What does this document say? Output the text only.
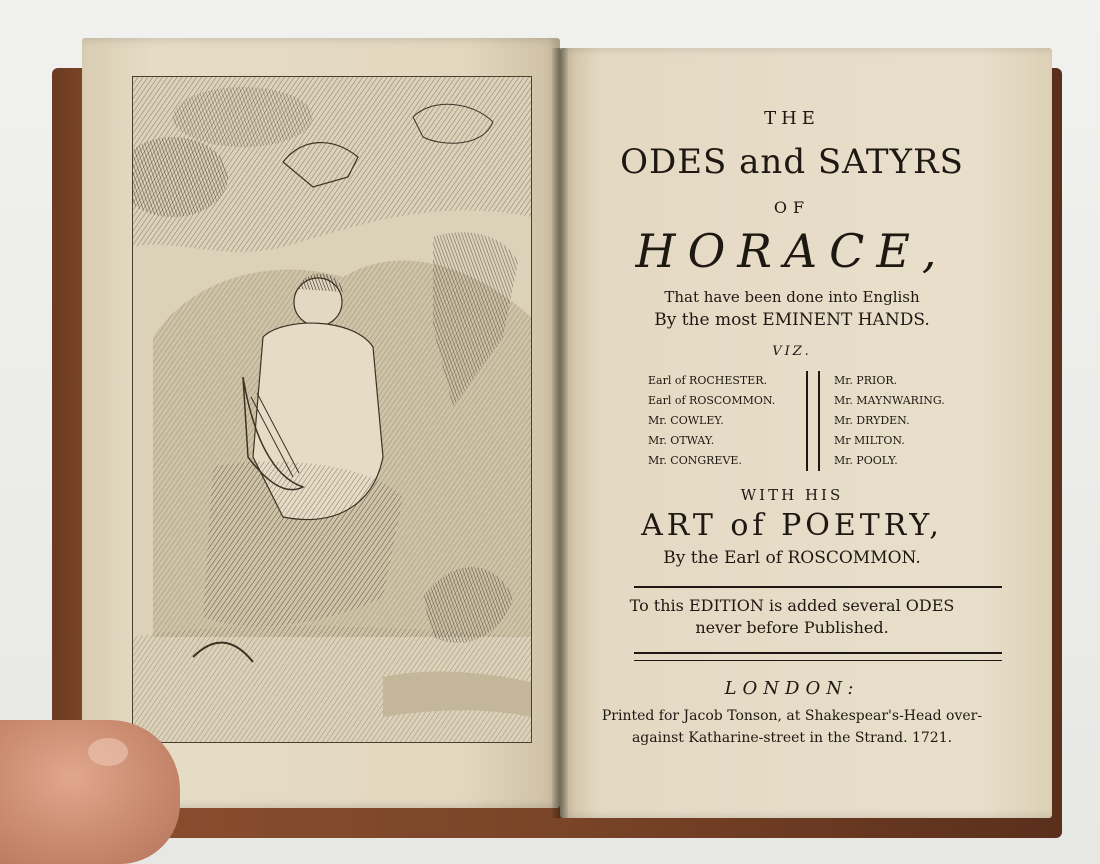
THE
ODES and SATYRS
OF
HORACE,
That have been done into English
By the most EMINENT HANDS.
VIZ.
Earl of ROCHESTER.
Earl of ROSCOMMON.
Mr. COWLEY.
Mr. OTWAY.
Mr. CONGREVE.
Mr. PRIOR.
Mr. MAYNWARING.
Mr. DRYDEN.
Mr MILTON.
Mr. POOLY.
WITH HIS
ART of POETRY,
By the Earl of ROSCOMMON.
To this EDITION is added several ODES
never before Published.
LONDON:
Printed for Jacob Tonson, at Shakespear's-Head over-
against Katharine-street in the Strand. 1721.
